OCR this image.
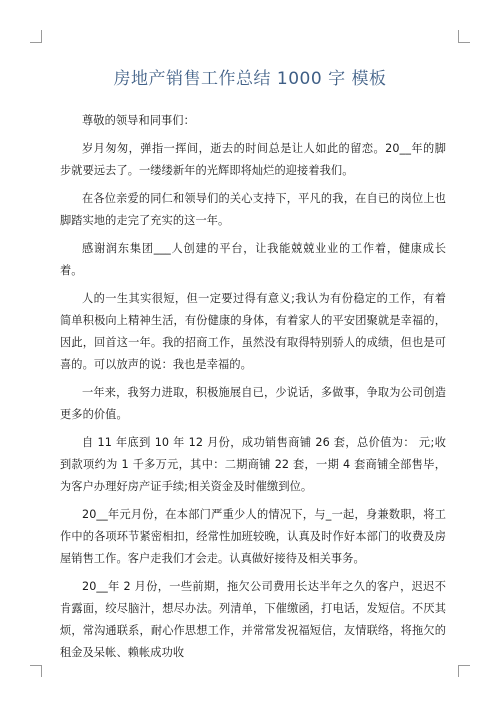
房地产销售工作总结 1000 字 模板

尊敬的领导和同事们：

岁月匆匆，弹指一挥间，逝去的时间总是让人如此的留恋。20__年的脚步就要远去了。一缕缕新年的光辉即将灿烂的迎接着我们。

在各位亲爱的同仁和领导们的关心支持下，平凡的我，在自已的岗位上也脚踏实地的走完了充实的这一年。

感谢润东集团___人创建的平台，让我能兢兢业业的工作着，健康成长着。

人的一生其实很短，但一定要过得有意义;我认为有份稳定的工作，有着简单积极向上精神生活，有份健康的身体，有着家人的平安团聚就是幸福的，因此，回首这一年。我的招商工作，虽然没有取得特别骄人的成绩，但也是可喜的。可以放声的说：我也是幸福的。

一年来，我努力进取，积极施展自已，少说话，多做事，争取为公司创造更多的价值。

自 11 年底到 10 年 12 月份，成功销售商铺 26 套，总价值为： 元;收到款项约为 1 千多万元，其中：二期商铺 22 套，一期 4 套商铺全部售毕，为客户办理好房产证手续;相关资金及时催缴到位。

20__年元月份，在本部门严重少人的情况下，与_一起，身兼数职，将工作中的各项环节紧密相扣，经常性加班较晚，认真及时作好本部门的收费及房屋销售工作。客户走我们才会走。认真做好接待及相关事务。

20__年 2 月份，一些前期，拖欠公司费用长达半年之久的客户，迟迟不肯露面，绞尽脑汁，想尽办法。列清单，下催缴函，打电话，发短信。不厌其烦，常沟通联系，耐心作思想工作，并常常发祝福短信，友情联络，将拖欠的租金及呆帐、赖帐成功收
